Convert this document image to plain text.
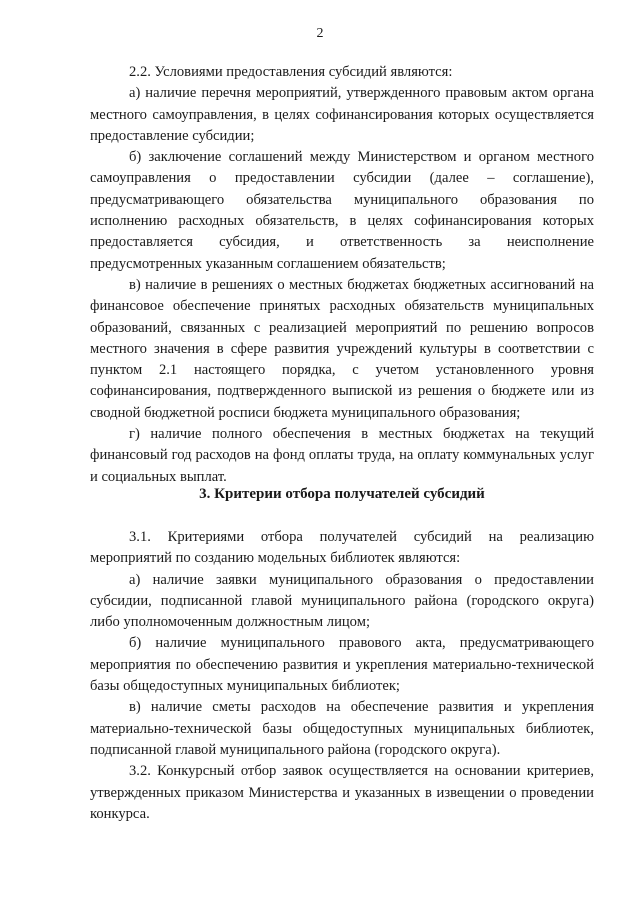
2

2.2. Условиями предоставления субсидий являются:

а) наличие перечня мероприятий, утвержденного правовым актом органа местного самоуправления, в целях софинансирования которых осуществляется предоставление субсидии;

б) заключение соглашений между Министерством и органом местного самоуправления о предоставлении субсидии (далее – соглашение), предусматривающего обязательства муниципального образования по исполнению расходных обязательств, в целях софинансирования которых предоставляется субсидия, и ответственность за неисполнение предусмотренных указанным соглашением обязательств;

в) наличие в решениях о местных бюджетах бюджетных ассигнований на финансовое обеспечение принятых расходных обязательств муниципальных образований, связанных с реализацией мероприятий по решению вопросов местного значения в сфере развития учреждений культуры в соответствии с пунктом 2.1 настоящего порядка, с учетом установленного уровня софинансирования, подтвержденного выпиской из решения о бюджете или из сводной бюджетной росписи бюджета муниципального образования;

г) наличие полного обеспечения в местных бюджетах на текущий финансовый год расходов на фонд оплаты труда, на оплату коммунальных услуг и социальных выплат.

3. Критерии отбора получателей субсидий

3.1. Критериями отбора получателей субсидий на реализацию мероприятий по созданию модельных библиотек являются:

а) наличие заявки муниципального образования о предоставлении субсидии, подписанной главой муниципального района (городского округа) либо уполномоченным должностным лицом;

б) наличие муниципального правового акта, предусматривающего мероприятия по обеспечению развития и укрепления материально-технической базы общедоступных муниципальных библиотек;

в) наличие сметы расходов на обеспечение развития и укрепления материально-технической базы общедоступных муниципальных библиотек, подписанной главой муниципального района (городского округа).

3.2. Конкурсный отбор заявок осуществляется на основании критериев, утвержденных приказом Министерства и указанных в извещении о проведении конкурса.
